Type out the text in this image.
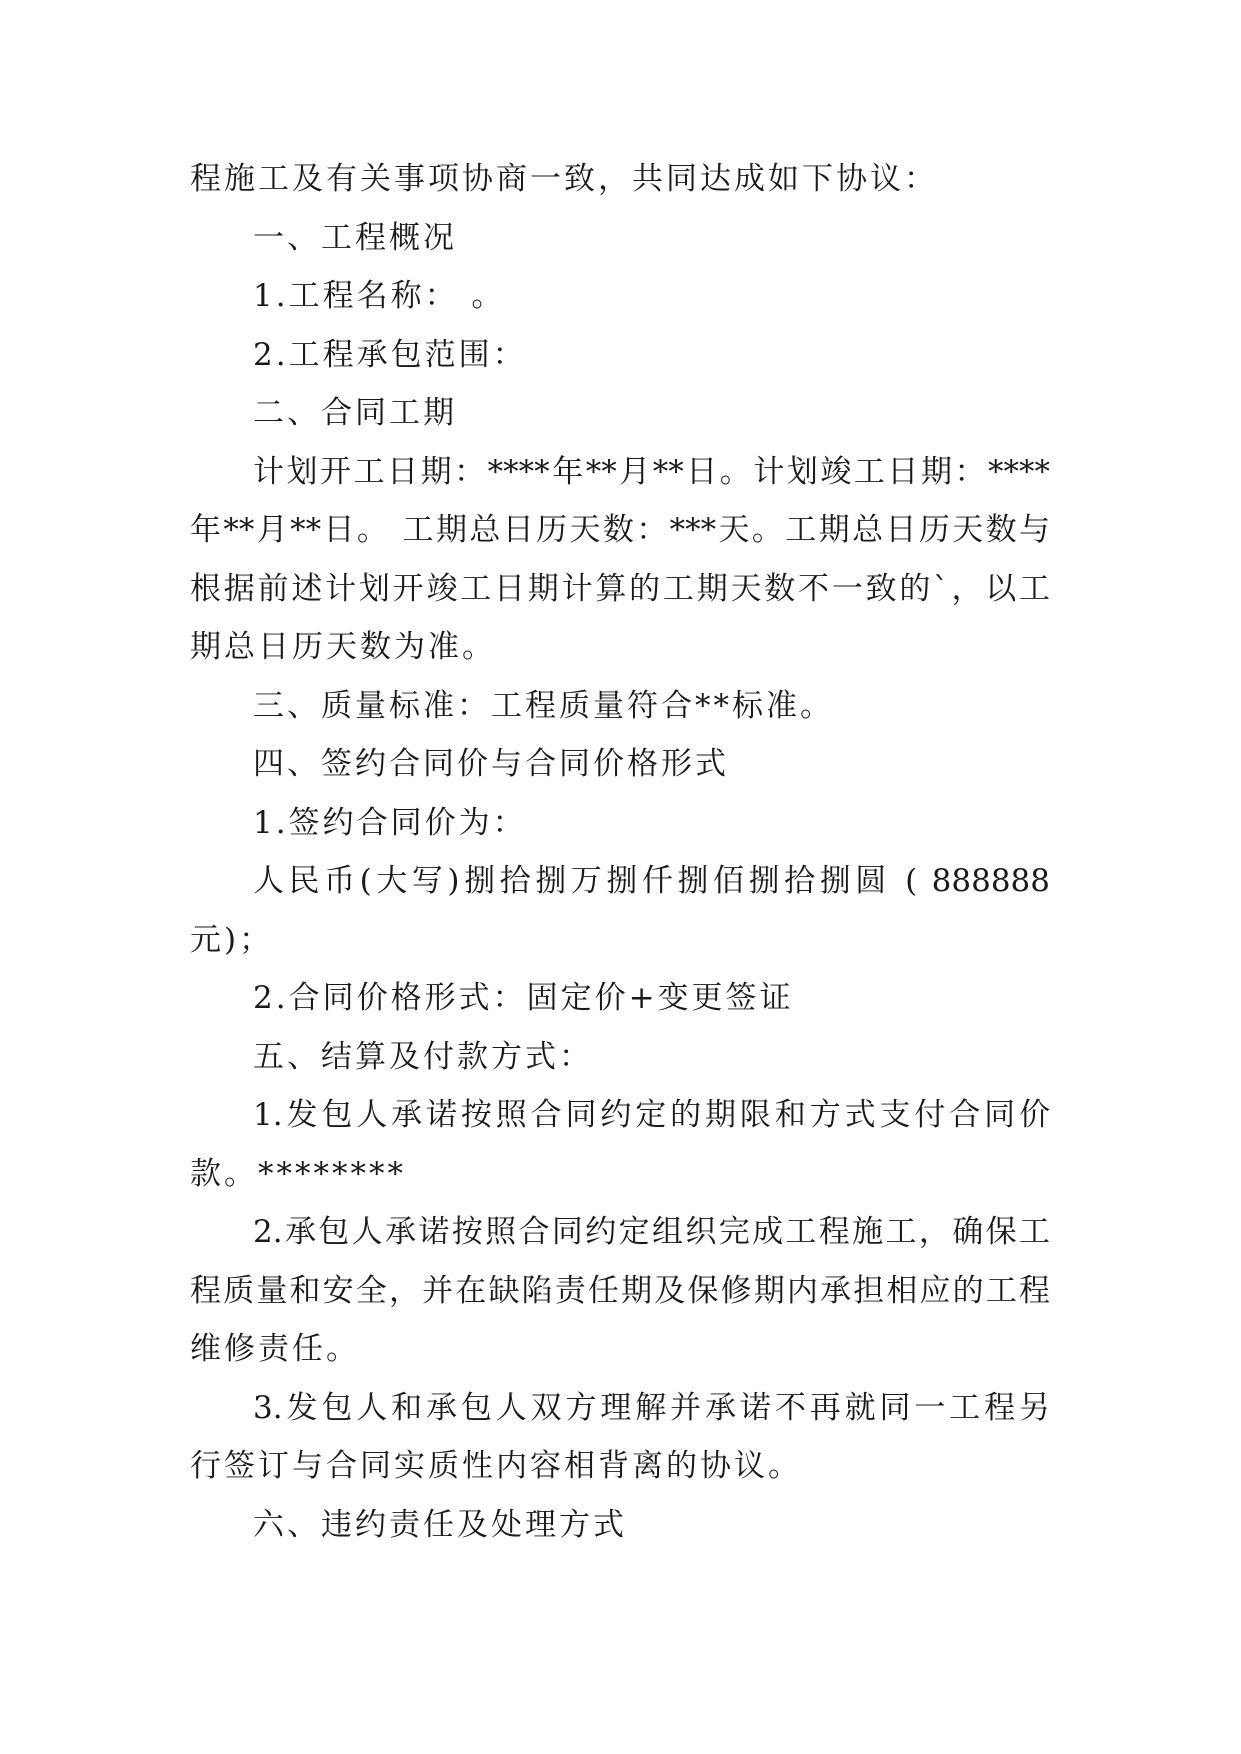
程施工及有关事项协商一致，共同达成如下协议：
一、工程概况
1.工程名称： 。
2.工程承包范围：
二、合同工期
计划开工日期：****年**月**日。计划竣工日期：****
年**月**日。 工期总日历天数：***天。工期总日历天数与
根据前述计划开竣工日期计算的工期天数不一致的`，以工
期总日历天数为准。
三、质量标准：工程质量符合**标准。
四、签约合同价与合同价格形式
1.签约合同价为：
人民币(大写)捌拾捌万捌仟捌佰捌拾捌圆 ( 888888
元)；
2.合同价格形式：固定价+变更签证
五、结算及付款方式：
1.发包人承诺按照合同约定的期限和方式支付合同价
款。********
2.承包人承诺按照合同约定组织完成工程施工，确保工
程质量和安全，并在缺陷责任期及保修期内承担相应的工程
维修责任。
3.发包人和承包人双方理解并承诺不再就同一工程另
行签订与合同实质性内容相背离的协议。
六、违约责任及处理方式
